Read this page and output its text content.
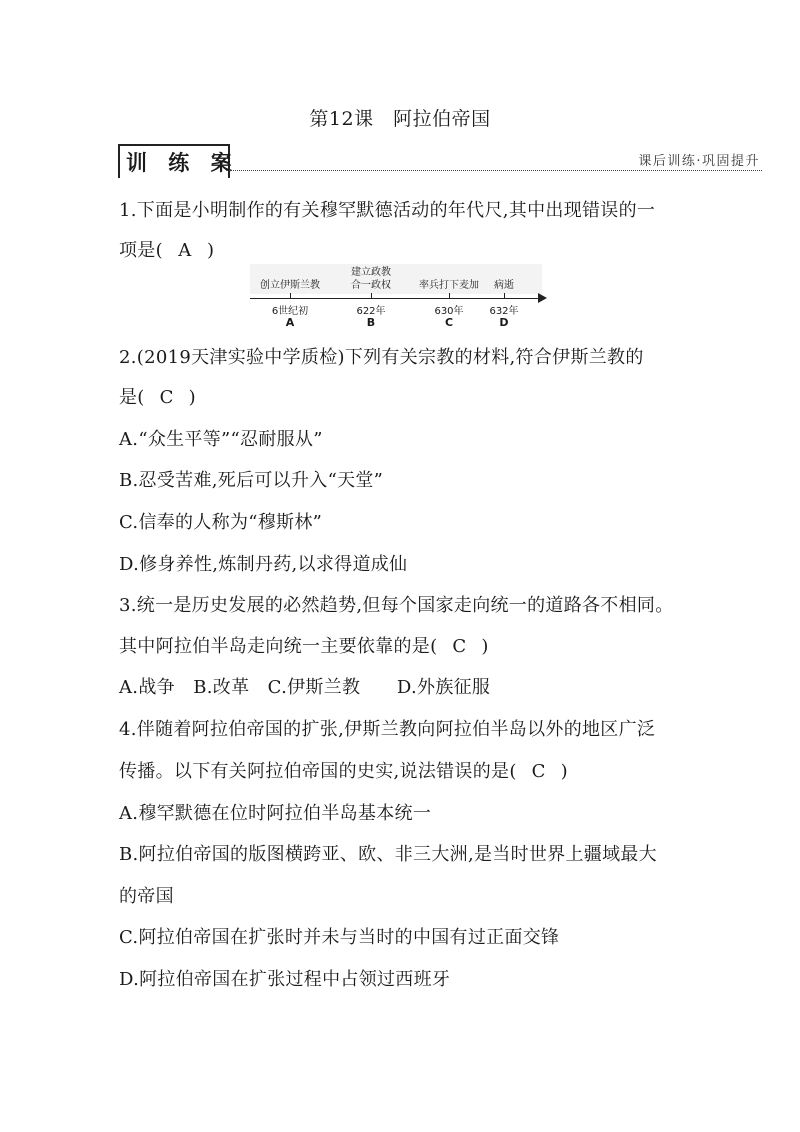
第12课　阿拉伯帝国
训 练 案	课后训练·巩固提升
1.下面是小明制作的有关穆罕默德活动的年代尺,其中出现错误的一
项是( A )
创立伊斯兰教
建立政教
合一政权	率兵打下麦加 病逝
6世纪初	622年	630年	632年
A	B	C	D
2.(2019天津实验中学质检)下列有关宗教的材料,符合伊斯兰教的
是( C )
A.“众生平等”“忍耐服从”
B.忍受苦难,死后可以升入“天堂”
C.信奉的人称为“穆斯林”
D.修身养性,炼制丹药,以求得道成仙
3.统一是历史发展的必然趋势,但每个国家走向统一的道路各不相同。
其中阿拉伯半岛走向统一主要依靠的是( C )
A.战争　B.改革　C.伊斯兰教　　D.外族征服
4.伴随着阿拉伯帝国的扩张,伊斯兰教向阿拉伯半岛以外的地区广泛
传播。以下有关阿拉伯帝国的史实,说法错误的是( C )
A.穆罕默德在位时阿拉伯半岛基本统一
B.阿拉伯帝国的版图横跨亚、欧、非三大洲,是当时世界上疆域最大
的帝国
C.阿拉伯帝国在扩张时并未与当时的中国有过正面交锋
D.阿拉伯帝国在扩张过程中占领过西班牙
